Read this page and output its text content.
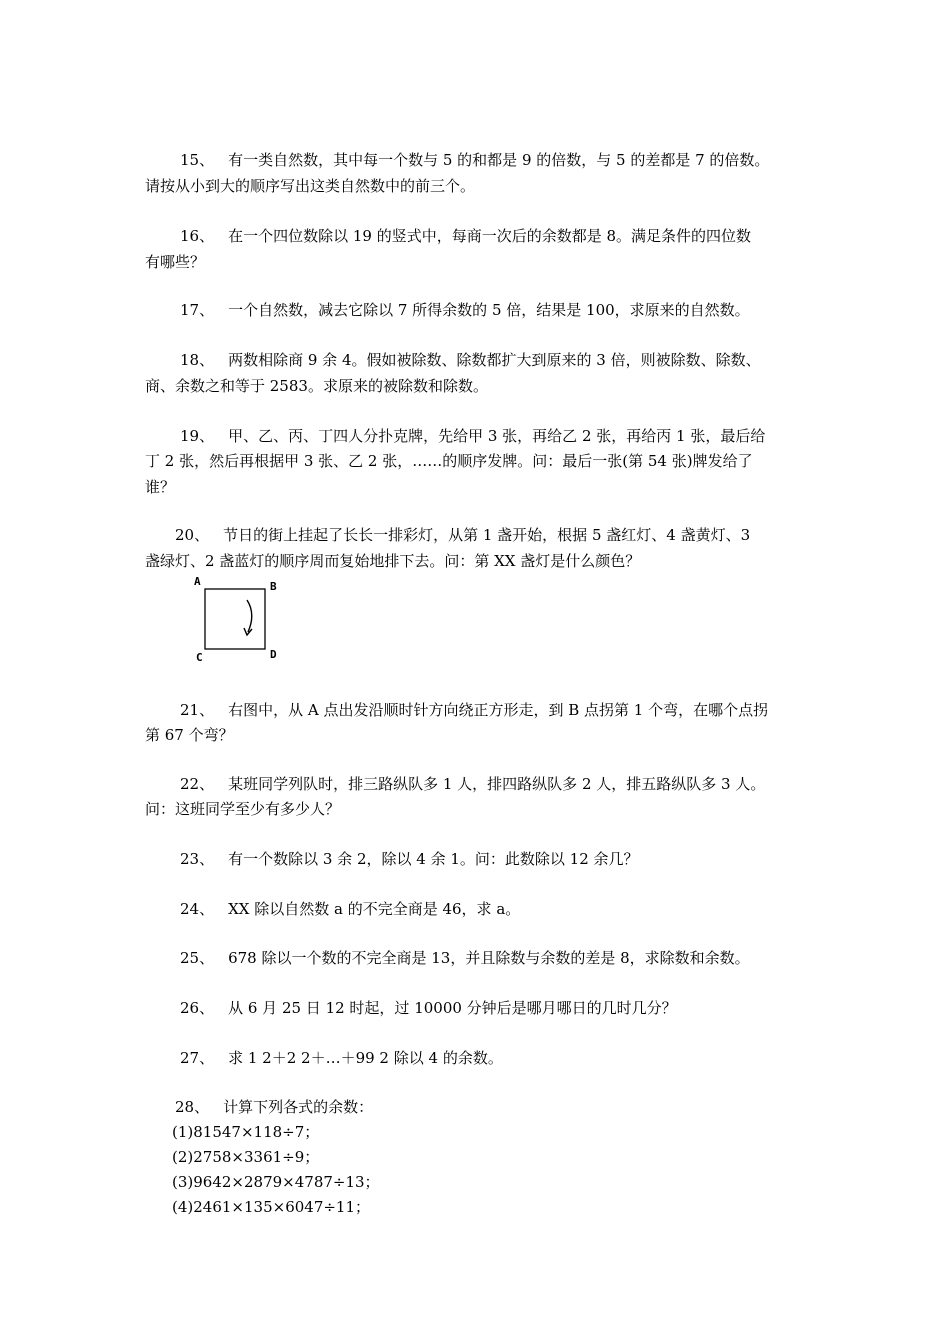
15、 有一类自然数，其中每一个数与 5 的和都是 9 的倍数，与 5 的差都是 7 的倍数。
请按从小到大的顺序写出这类自然数中的前三个。
16、 在一个四位数除以 19 的竖式中，每商一次后的余数都是 8。满足条件的四位数
有哪些？
17、 一个自然数，减去它除以 7 所得余数的 5 倍，结果是 100，求原来的自然数。
18、 两数相除商 9 余 4。假如被除数、除数都扩大到原来的 3 倍，则被除数、除数、
商、余数之和等于 2583。求原来的被除数和除数。
19、 甲、乙、丙、丁四人分扑克牌，先给甲 3 张，再给乙 2 张，再给丙 1 张，最后给
丁 2 张，然后再根据甲 3 张、乙 2 张，……的顺序发牌。问：最后一张(第 54 张)牌发给了
谁？
20、 节日的街上挂起了长长一排彩灯，从第 1 盏开始，根据 5 盏红灯、4 盏黄灯、3
盏绿灯、2 盏蓝灯的顺序周而复始地排下去。问：第 XX 盏灯是什么颜色？
A	B
C	D
21、 右图中，从 A 点出发沿顺时针方向绕正方形走，到 B 点拐第 1 个弯，在哪个点拐
第 67 个弯？
22、 某班同学列队时，排三路纵队多 1 人，排四路纵队多 2 人，排五路纵队多 3 人。
问：这班同学至少有多少人？
23、 有一个数除以 3 余 2，除以 4 余 1。问：此数除以 12 余几？
24、 XX 除以自然数 a 的不完全商是 46，求 a。
25、 678 除以一个数的不完全商是 13，并且除数与余数的差是 8，求除数和余数。
26、 从 6 月 25 日 12 时起，过 10000 分钟后是哪月哪日的几时几分？
27、 求 1 2＋2 2＋…＋99 2 除以 4 的余数。
28、 计算下列各式的余数：
(1)81547×118÷7；
(2)2758×3361÷9；
(3)9642×2879×4787÷13；
(4)2461×135×6047÷11；
